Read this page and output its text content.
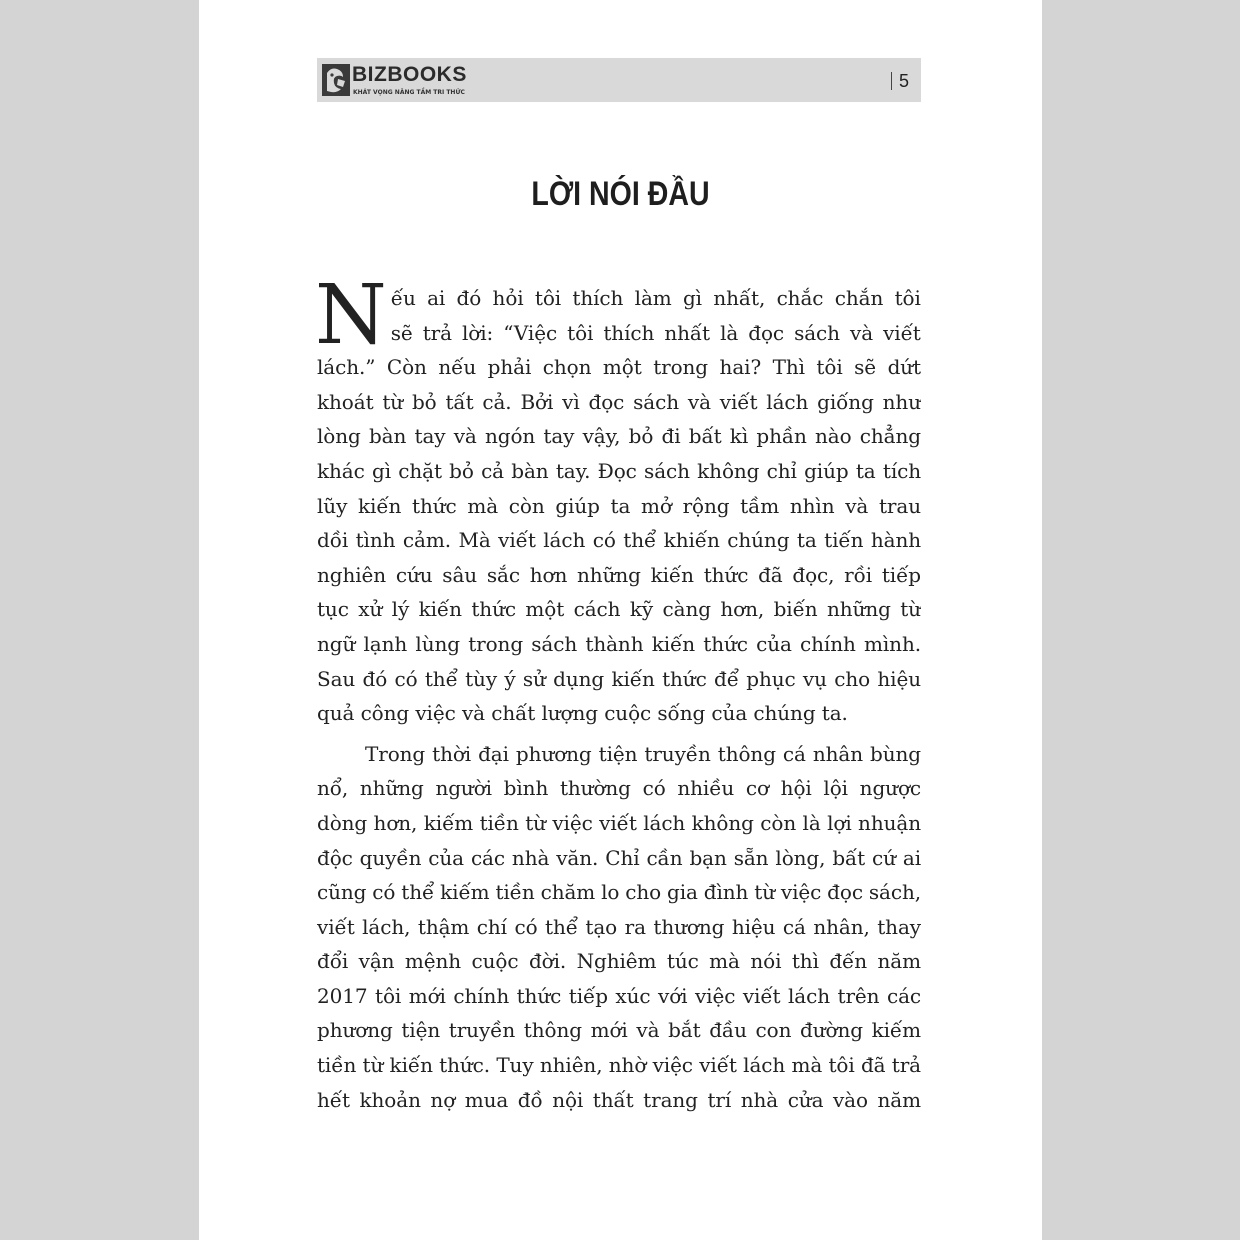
BIZBOOKS
KHÁT VỌNG NÂNG TẦM TRI THỨC
5
LỜI NÓI ĐẦU
N ếu ai đó hỏi tôi thích làm gì nhất, chắc chắn tôi
sẽ trả lời: “Việc tôi thích nhất là đọc sách và viết
lách.” Còn nếu phải chọn một trong hai? Thì tôi sẽ dứt
khoát từ bỏ tất cả. Bởi vì đọc sách và viết lách giống như
lòng bàn tay và ngón tay vậy, bỏ đi bất kì phần nào chẳng
khác gì chặt bỏ cả bàn tay. Đọc sách không chỉ giúp ta tích
lũy kiến thức mà còn giúp ta mở rộng tầm nhìn và trau
dồi tình cảm. Mà viết lách có thể khiến chúng ta tiến hành
nghiên cứu sâu sắc hơn những kiến thức đã đọc, rồi tiếp
tục xử lý kiến thức một cách kỹ càng hơn, biến những từ
ngữ lạnh lùng trong sách thành kiến thức của chính mình.
Sau đó có thể tùy ý sử dụng kiến thức để phục vụ cho hiệu
quả công việc và chất lượng cuộc sống của chúng ta.
Trong thời đại phương tiện truyền thông cá nhân bùng
nổ, những người bình thường có nhiều cơ hội lội ngược
dòng hơn, kiếm tiền từ việc viết lách không còn là lợi nhuận
độc quyền của các nhà văn. Chỉ cần bạn sẵn lòng, bất cứ ai
cũng có thể kiếm tiền chăm lo cho gia đình từ việc đọc sách,
viết lách, thậm chí có thể tạo ra thương hiệu cá nhân, thay
đổi vận mệnh cuộc đời. Nghiêm túc mà nói thì đến năm
2017 tôi mới chính thức tiếp xúc với việc viết lách trên các
phương tiện truyền thông mới và bắt đầu con đường kiếm
tiền từ kiến thức. Tuy nhiên, nhờ việc viết lách mà tôi đã trả
hết khoản nợ mua đồ nội thất trang trí nhà cửa vào năm
